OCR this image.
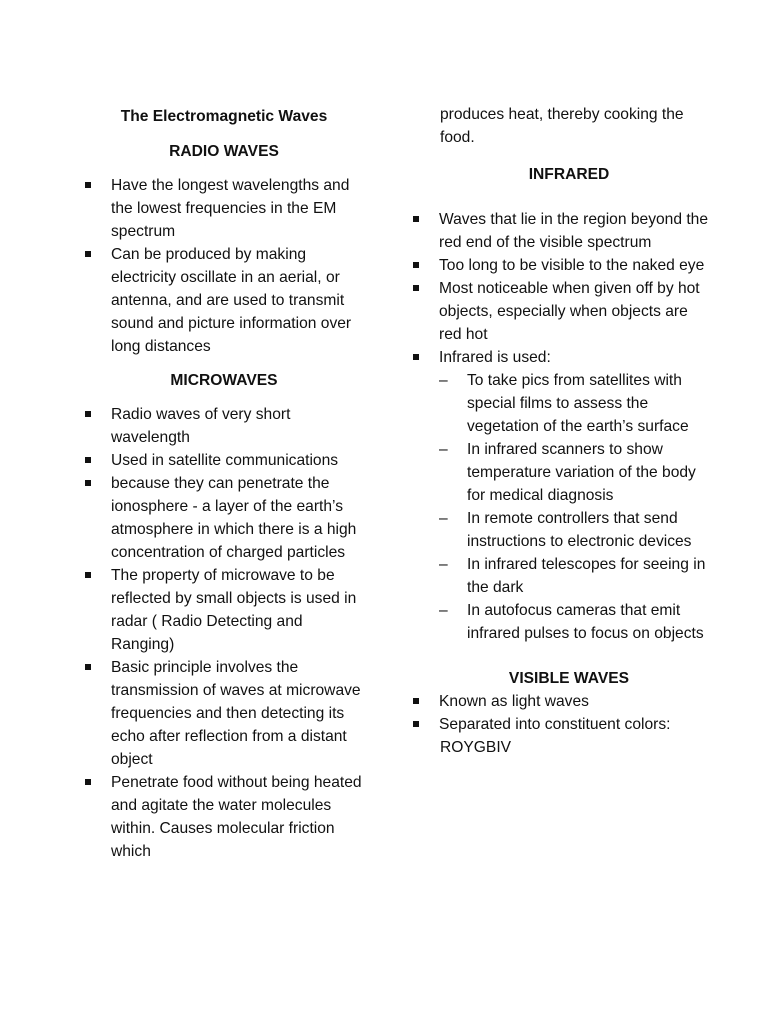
The Electromagnetic Waves

RADIO WAVES

Have the longest wavelengths and the lowest frequencies in the EM spectrum
Can be produced by making electricity oscillate in an aerial, or antenna, and are used to transmit sound and picture information over long distances

MICROWAVES

Radio waves of very short wavelength
Used in satellite communications
because they can penetrate the ionosphere - a layer of the earth’s atmosphere in which there is a high concentration of charged particles
The property of microwave to be reflected by small objects is used in radar ( Radio Detecting and Ranging)
Basic principle involves the transmission of waves at microwave frequencies and then detecting its echo after reflection from a distant object
Penetrate food without being heated and agitate the water molecules within. Causes molecular friction which

produces heat, thereby cooking the food.

INFRARED

Waves that lie in the region beyond the red end of the visible spectrum
Too long to be visible to the naked eye
Most noticeable when given off by hot objects, especially when objects are red hot
Infrared is used:
– To take pics from satellites with special films to assess the vegetation of the earth’s surface
– In infrared scanners to show temperature variation of the body for medical diagnosis
– In remote controllers that send instructions to electronic devices
– In infrared telescopes for seeing in the dark
– In autofocus cameras that emit infrared pulses to focus on objects

VISIBLE WAVES

Known as light waves
Separated into constituent colors:

ROYGBIV
